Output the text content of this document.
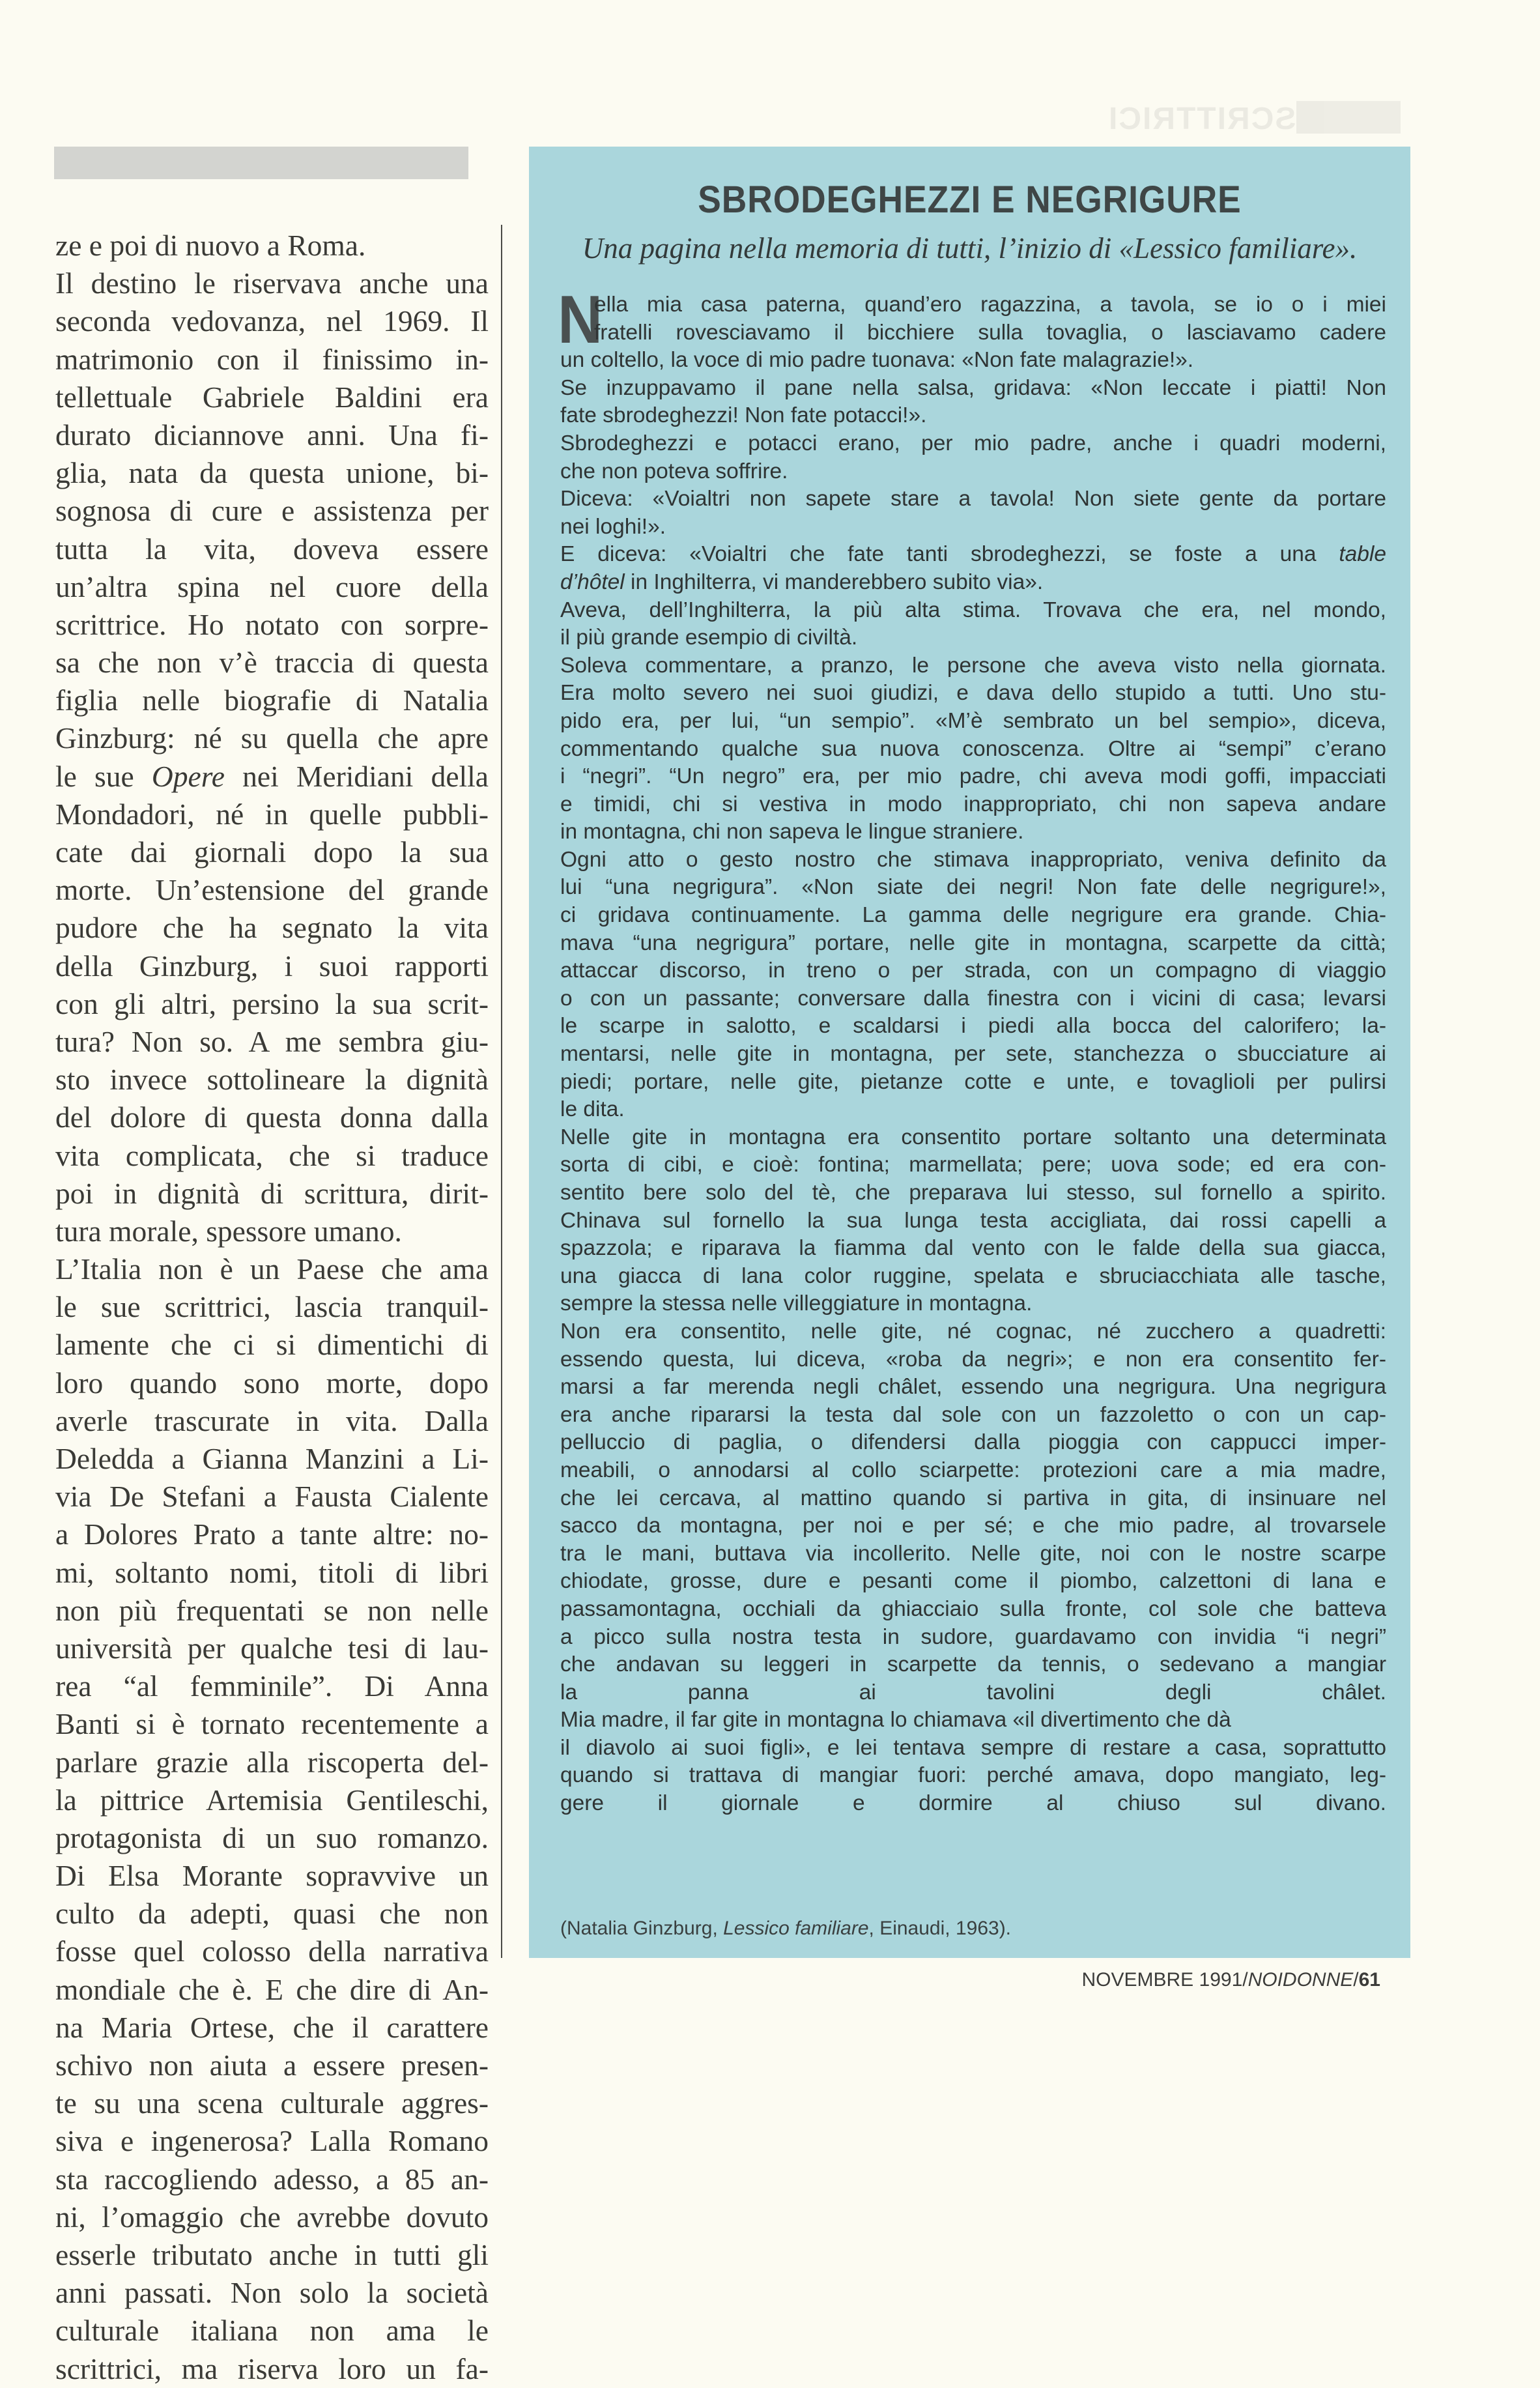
SCRITTRICI
ze e poi di nuovo a Roma.
Il destino le riservava anche una
seconda vedovanza, nel 1969. Il
matrimonio con il finissimo in-
tellettuale Gabriele Baldini era
durato diciannove anni. Una fi-
glia, nata da questa unione, bi-
sognosa di cure e assistenza per
tutta la vita, doveva essere
un’altra spina nel cuore della
scrittrice. Ho notato con sorpre-
sa che non v’è traccia di questa
figlia nelle biografie di Natalia
Ginzburg: né su quella che apre
le sue Opere nei Meridiani della
Mondadori, né in quelle pubbli-
cate dai giornali dopo la sua
morte. Un’estensione del grande
pudore che ha segnato la vita
della Ginzburg, i suoi rapporti
con gli altri, persino la sua scrit-
tura? Non so. A me sembra giu-
sto invece sottolineare la dignità
del dolore di questa donna dalla
vita complicata, che si traduce
poi in dignità di scrittura, dirit-
tura morale, spessore umano.
L’Italia non è un Paese che ama
le sue scrittrici, lascia tranquil-
lamente che ci si dimentichi di
loro quando sono morte, dopo
averle trascurate in vita. Dalla
Deledda a Gianna Manzini a Li-
via De Stefani a Fausta Cialente
a Dolores Prato a tante altre: no-
mi, soltanto nomi, titoli di libri
non più frequentati se non nelle
università per qualche tesi di lau-
rea “al femminile”. Di Anna
Banti si è tornato recentemente a
parlare grazie alla riscoperta del-
la pittrice Artemisia Gentileschi,
protagonista di un suo romanzo.
Di Elsa Morante sopravvive un
culto da adepti, quasi che non
fosse quel colosso della narrativa
mondiale che è. E che dire di An-
na Maria Ortese, che il carattere
schivo non aiuta a essere presen-
te su una scena culturale aggres-
siva e ingenerosa? Lalla Romano
sta raccogliendo adesso, a 85 an-
ni, l’omaggio che avrebbe dovuto
esserle tributato anche in tutti gli
anni passati. Non solo la società
culturale italiana non ama le
scrittrici, ma riserva loro un fa-
SBRODEGHEZZI E NEGRIGURE
Una pagina nella memoria di tutti, l’inizio di «Lessico familiare».
N
ella mia casa paterna, quand’ero ragazzina, a tavola, se io o i miei
fratelli rovesciavamo il bicchiere sulla tovaglia, o lasciavamo cadere
un coltello, la voce di mio padre tuonava: «Non fate malagrazie!».
Se inzuppavamo il pane nella salsa, gridava: «Non leccate i piatti! Non
fate sbrodeghezzi! Non fate potacci!».
Sbrodeghezzi e potacci erano, per mio padre, anche i quadri moderni,
che non poteva soffrire.
Diceva: «Voialtri non sapete stare a tavola! Non siete gente da portare
nei loghi!».
E diceva: «Voialtri che fate tanti sbrodeghezzi, se foste a una table
d’hôtel in Inghilterra, vi manderebbero subito via».
Aveva, dell’Inghilterra, la più alta stima. Trovava che era, nel mondo,
il più grande esempio di civiltà.
Soleva commentare, a pranzo, le persone che aveva visto nella giornata.
Era molto severo nei suoi giudizi, e dava dello stupido a tutti. Uno stu-
pido era, per lui, “un sempio”. «M’è sembrato un bel sempio», diceva,
commentando qualche sua nuova conoscenza. Oltre ai “sempi” c’erano
i “negri”. “Un negro” era, per mio padre, chi aveva modi goffi, impacciati
e timidi, chi si vestiva in modo inappropriato, chi non sapeva andare
in montagna, chi non sapeva le lingue straniere.
Ogni atto o gesto nostro che stimava inappropriato, veniva definito da
lui “una negrigura”. «Non siate dei negri! Non fate delle negrigure!»,
ci gridava continuamente. La gamma delle negrigure era grande. Chia-
mava “una negrigura” portare, nelle gite in montagna, scarpette da città;
attaccar discorso, in treno o per strada, con un compagno di viaggio
o con un passante; conversare dalla finestra con i vicini di casa; levarsi
le scarpe in salotto, e scaldarsi i piedi alla bocca del calorifero; la-
mentarsi, nelle gite in montagna, per sete, stanchezza o sbucciature ai
piedi; portare, nelle gite, pietanze cotte e unte, e tovaglioli per pulirsi
le dita.
Nelle gite in montagna era consentito portare soltanto una determinata
sorta di cibi, e cioè: fontina; marmellata; pere; uova sode; ed era con-
sentito bere solo del tè, che preparava lui stesso, sul fornello a spirito.
Chinava sul fornello la sua lunga testa accigliata, dai rossi capelli a
spazzola; e riparava la fiamma dal vento con le falde della sua giacca,
una giacca di lana color ruggine, spelata e sbruciacchiata alle tasche,
sempre la stessa nelle villeggiature in montagna.
Non era consentito, nelle gite, né cognac, né zucchero a quadretti:
essendo questa, lui diceva, «roba da negri»; e non era consentito fer-
marsi a far merenda negli châlet, essendo una negrigura. Una negrigura
era anche ripararsi la testa dal sole con un fazzoletto o con un cap-
pelluccio di paglia, o difendersi dalla pioggia con cappucci imper-
meabili, o annodarsi al collo sciarpette: protezioni care a mia madre,
che lei cercava, al mattino quando si partiva in gita, di insinuare nel
sacco da montagna, per noi e per sé; e che mio padre, al trovarsele
tra le mani, buttava via incollerito. Nelle gite, noi con le nostre scarpe
chiodate, grosse, dure e pesanti come il piombo, calzettoni di lana e
passamontagna, occhiali da ghiacciaio sulla fronte, col sole che batteva
a picco sulla nostra testa in sudore, guardavamo con invidia “i negri”
che andavan su leggeri in scarpette da tennis, o sedevano a mangiar
la panna ai tavolini degli châlet.
Mia madre, il far gite in montagna lo chiamava «il divertimento che dà
il diavolo ai suoi figli», e lei tentava sempre di restare a casa, soprattutto
quando si trattava di mangiar fuori: perché amava, dopo mangiato, leg-
gere il giornale e dormire al chiuso sul divano.
(Natalia Ginzburg, Lessico familiare, Einaudi, 1963).
NOVEMBRE 1991/NOIDONNE/61
